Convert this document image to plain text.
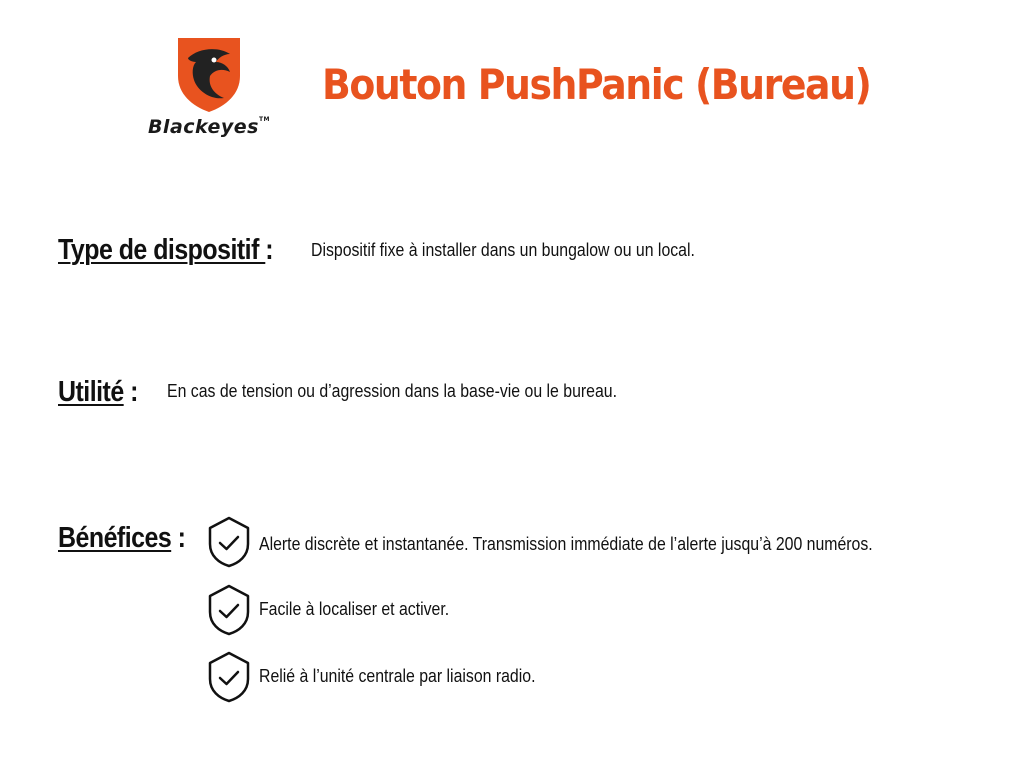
Blackeyes™
Bouton PushPanic (Bureau)
Type de dispositif : Dispositif fixe à installer dans un bungalow ou un local.
Utilité : En cas de tension ou d’agression dans la base-vie ou le bureau.
Bénéfices :	Alerte discrète et instantanée. Transmission immédiate de l’alerte jusqu’à 200 numéros.
Facile à localiser et activer.
Relié à l’unité centrale par liaison radio.
